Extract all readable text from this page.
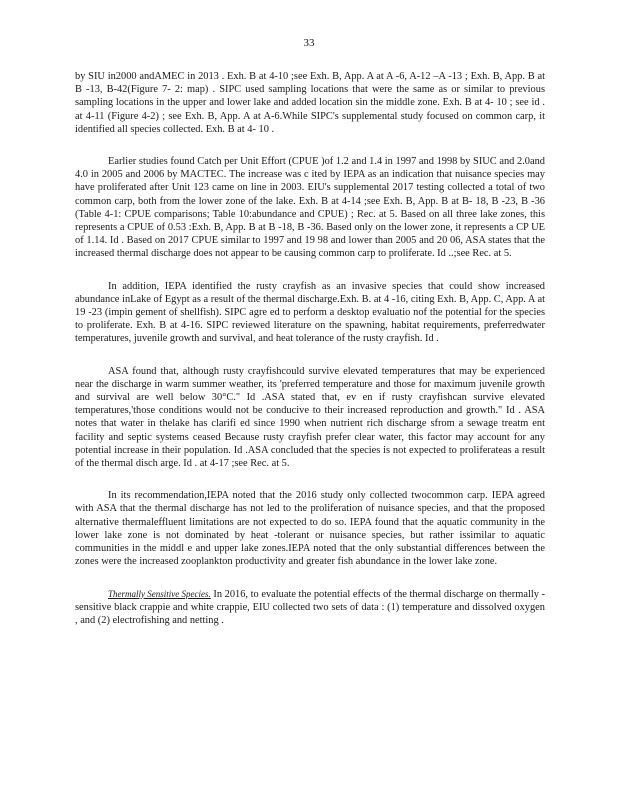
33

by SIU in2000 andAMEC in 2013 . Exh. B at 4-10 ;see Exh. B, App. A at A -6, A-12 –A -13 ; Exh. B, App. B at B -13, B-42(Figure 7- 2: map) . SIPC used sampling locations that were the same as or similar to previous sampling locations in the upper and lower lake and added location sin the middle zone. Exh. B at 4- 10 ; see id . at 4-11 (Figure 4-2) ; see Exh. B, App. A at A-6.While SIPC's supplemental study focused on common carp, it identified all species collected. Exh. B at 4- 10 .

Earlier studies found Catch per Unit Effort (CPUE )of 1.2 and 1.4 in 1997 and 1998 by SIUC and 2.0and 4.0 in 2005 and 2006 by MACTEC. The increase was c ited by IEPA as an indication that nuisance species may have proliferated after Unit 123 came on line in 2003. EIU's supplemental 2017 testing collected a total of two common carp, both from the lower zone of the lake. Exh. B at 4-14 ;see Exh. B, App. B at B- 18, B -23, B -36 (Table 4-1: CPUE comparisons; Table 10:abundance and CPUE) ; Rec. at 5. Based on all three lake zones, this represents a CPUE of 0.53 :Exh. B, App. B at B -18, B -36. Based only on the lower zone, it represents a CP UE of 1.14. Id . Based on 2017 CPUE similar to 1997 and 19 98 and lower than 2005 and 20 06, ASA states that the increased thermal discharge does not appear to be causing common carp to proliferate. Id ..;see Rec. at 5.

In addition, IEPA identified the rusty crayfish as an invasive species that could show increased abundance inLake of Egypt as a result of the thermal discharge.Exh. B. at 4 -16, citing Exh. B, App. C, App. A at 19 -23 (impin gement of shellfish). SIPC agre ed to perform a desktop evaluatio nof the potential for the species to proliferate. Exh. B at 4-16. SIPC reviewed literature on the spawning, habitat requirements, preferredwater temperatures, juvenile growth and survival, and heat tolerance of the rusty crayfish. Id .

ASA found that, although rusty crayfishcould survive elevated temperatures that may be experienced near the discharge in warm summer weather, its 'preferred temperature and those for maximum juvenile growth and survival are well below 30°C." Id .ASA stated that, ev en if rusty crayfishcan survive elevated temperatures,'those conditions would not be conducive to their increased reproduction and growth." Id . ASA notes that water in thelake has clarifi ed since 1990 when nutrient rich discharge sfrom a sewage treatm ent facility and septic systems ceased Because rusty crayfish prefer clear water, this factor may account for any potential increase in their population. Id .ASA concluded that the species is not expected to proliferateas a result of the thermal disch arge. Id . at 4-17 ;see Rec. at 5.

In its recommendation,IEPA noted that the 2016 study only collected twocommon carp. IEPA agreed with ASA that the thermal discharge has not led to the proliferation of nuisance species, and that the proposed alternative thermaleffluent limitations are not expected to do so. IEPA found that the aquatic community in the lower lake zone is not dominated by heat -tolerant or nuisance species, but rather issimilar to aquatic communities in the middl e and upper lake zones.IEPA noted that the only substantial differences between the zones were the increased zooplankton productivity and greater fish abundance in the lower lake zone.

Thermally Sensitive Species. In 2016, to evaluate the potential effects of the thermal discharge on thermally -sensitive black crappie and white crappie, EIU collected two sets of data : (1) temperature and dissolved oxygen , and (2) electrofishing and netting .
